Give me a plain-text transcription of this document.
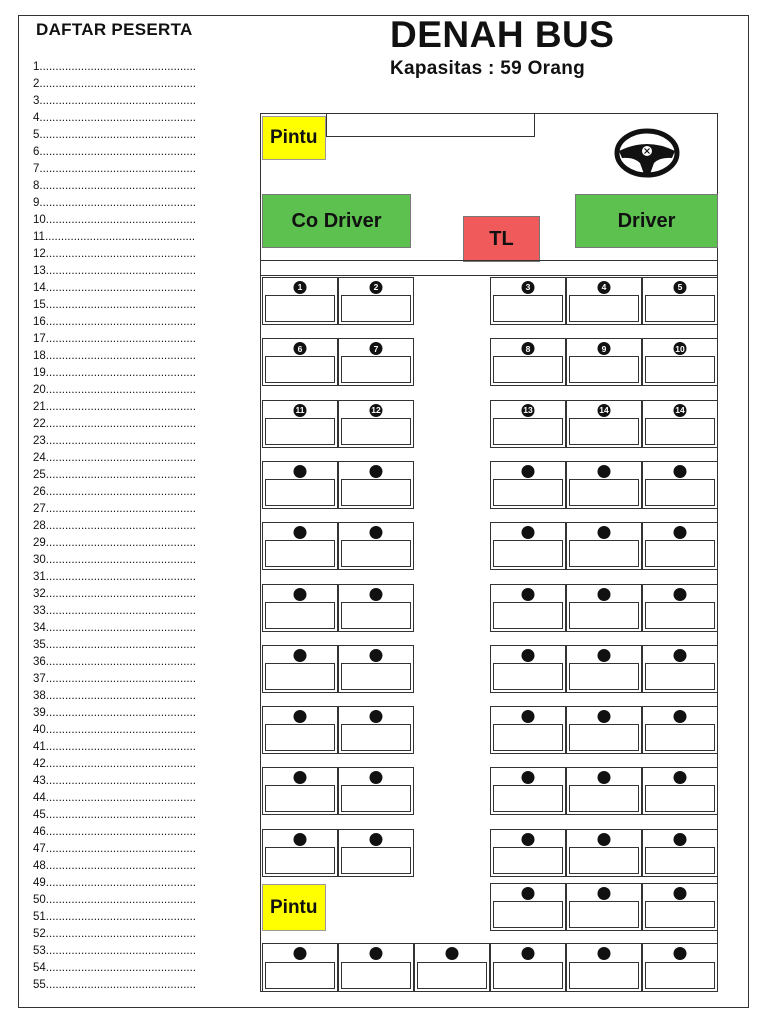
DAFTAR PESERTA
1.................................................
2.................................................
3.................................................
4.................................................
5.................................................
6.................................................
7.................................................
8.................................................
9.................................................
10...............................................
11...............................................
12...............................................
13...............................................
14...............................................
15...............................................
16...............................................
17...............................................
18...............................................
19...............................................
20...............................................
21...............................................
22...............................................
23...............................................
24...............................................
25...............................................
26...............................................
27...............................................
28...............................................
29...............................................
30...............................................
31...............................................
32...............................................
33...............................................
34...............................................
35...............................................
36...............................................
37...............................................
38...............................................
39...............................................
40...............................................
41...............................................
42...............................................
43...............................................
44...............................................
45...............................................
46...............................................
47...............................................
48...............................................
49...............................................
50...............................................
51...............................................
52...............................................
53...............................................
54...............................................
55...............................................
DENAH BUS
Kapasitas : 59 Orang
Pintu
Co Driver	Driver
TL
Pintu
1	2	3	4	5
6	7	8	9	10
11	12	13	14	14
